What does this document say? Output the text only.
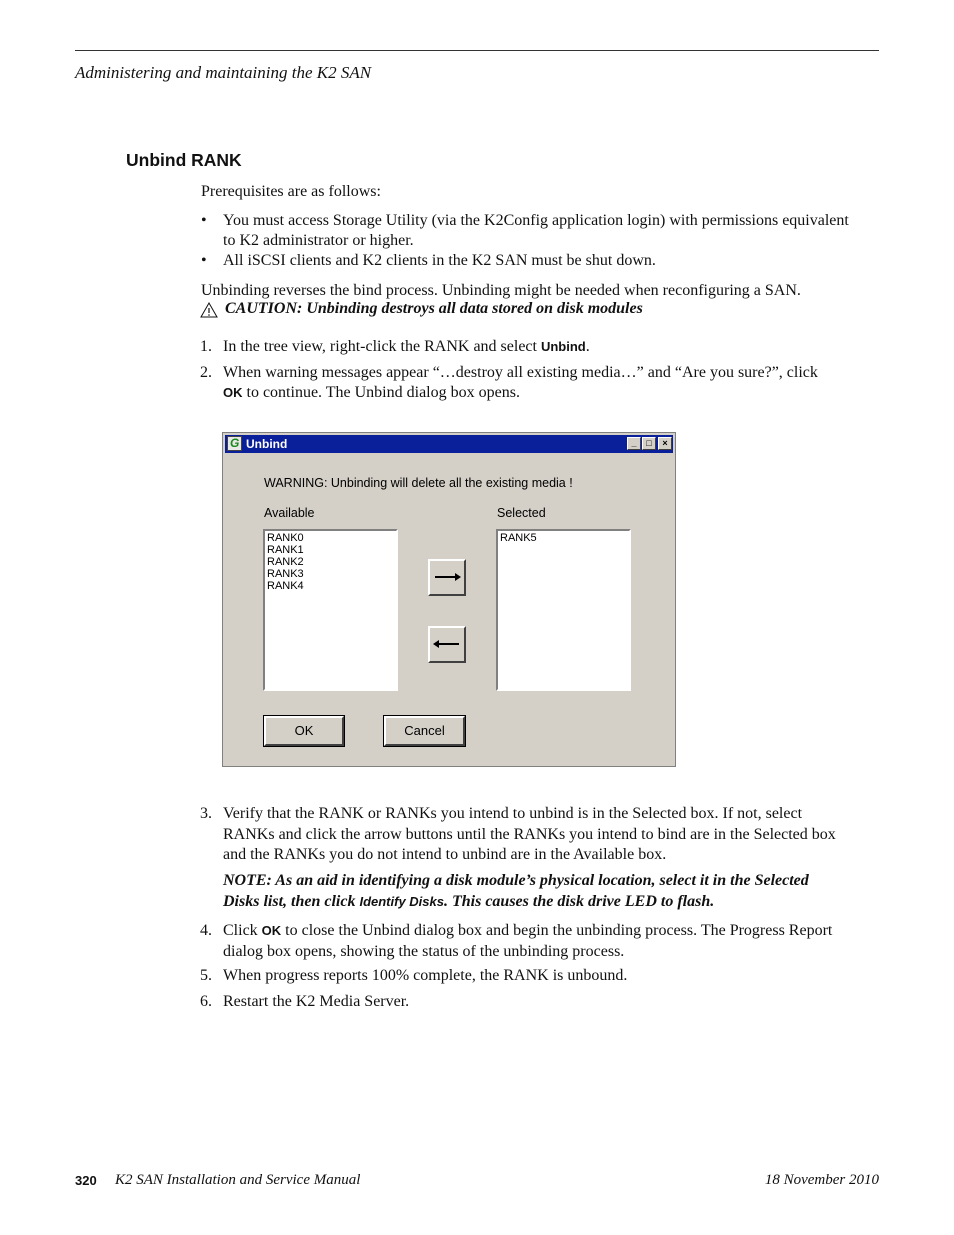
Administering and maintaining the K2 SAN
Unbind RANK
Prerequisites are as follows:
• You must access Storage Utility (via the K2Config application login) with permissions equivalent
to K2 administrator or higher.
• All iSCSI clients and K2 clients in the K2 SAN must be shut down.
Unbinding reverses the bind process. Unbinding might be needed when reconfiguring a SAN.
CAUTION: Unbinding destroys all data stored on disk modules
1. In the tree view, right-click the RANK and select Unbind.
2. When warning messages appear “…destroy all existing media…” and “Are you sure?”, click
OK to continue. The Unbind dialog box opens.
G Unbind	_	□	×
WARNING: Unbinding will delete all the existing media !
Available	Selected
RANK0
RANK1
RANK2
RANK3
RANK4
RANK5
OK	Cancel
3. Verify that the RANK or RANKs you intend to unbind is in the Selected box. If not, select
RANKs and click the arrow buttons until the RANKs you intend to bind are in the Selected box
and the RANKs you do not intend to unbind are in the Available box.
NOTE: As an aid in identifying a disk module’s physical location, select it in the Selected
Disks list, then click Identify Disks. This causes the disk drive LED to flash.
4. Click OK to close the Unbind dialog box and begin the unbinding process. The Progress Report
dialog box opens, showing the status of the unbinding process.
5. When progress reports 100% complete, the RANK is unbound.
6. Restart the K2 Media Server.
320 K2 SAN Installation and Service Manual	18 November 2010
